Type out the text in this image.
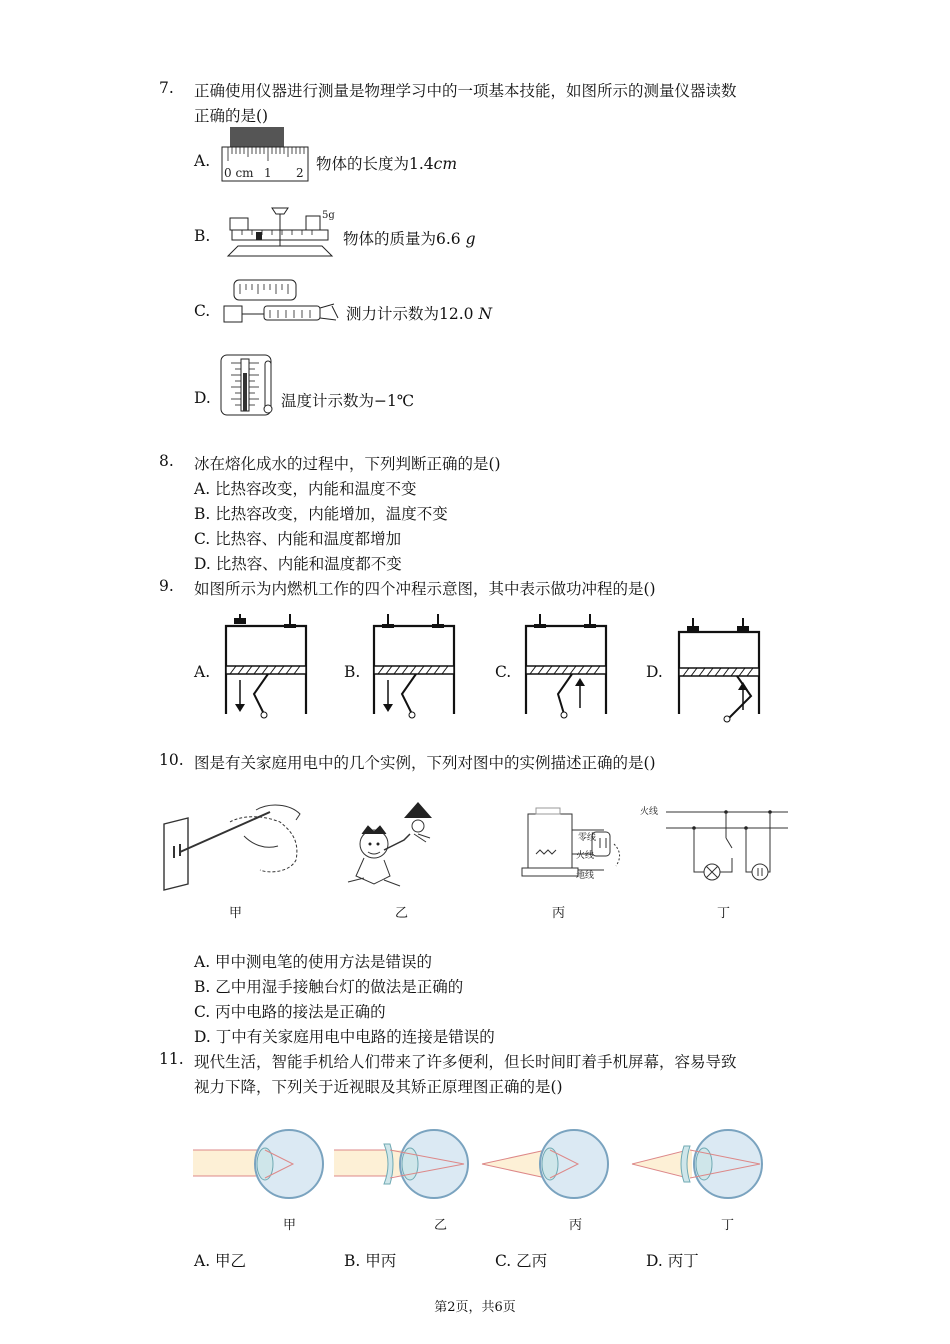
7. 正确使用仪器进行测量是物理学习中的一项基本技能，如图所示的测量仪器读数
正确的是()
A.
0 cm 1 2 物体的长度为1.4cm
B.
5g
物体的质量为6.6 g
C.	测力计示数为12.0 N
D.	温度计示数为−1℃
8. 冰在熔化成水的过程中，下列判断正确的是()
A. 比热容改变，内能和温度不变
B. 比热容改变，内能增加，温度不变
C. 比热容、内能和温度都增加
D. 比热容、内能和温度都不变
9. 如图所示为内燃机工作的四个冲程示意图，其中表示做功冲程的是()
A.	B.	C.	D.
10. 图是有关家庭用电中的几个实例，下列对图中的实例描述正确的是()
甲	乙
零线
火线
地线
丙
火线
丁
A. 甲中测电笔的使用方法是错误的
B. 乙中用湿手接触台灯的做法是正确的
C. 丙中电路的接法是正确的
D. 丁中有关家庭用电中电路的连接是错误的
11. 现代生活，智能手机给人们带来了许多便利，但长时间盯着手机屏幕，容易导致
视力下降，下列关于近视眼及其矫正原理图正确的是()
甲	乙	丙	丁
A. 甲乙	B. 甲丙	C. 乙丙	D. 丙丁
第2页，共6页
